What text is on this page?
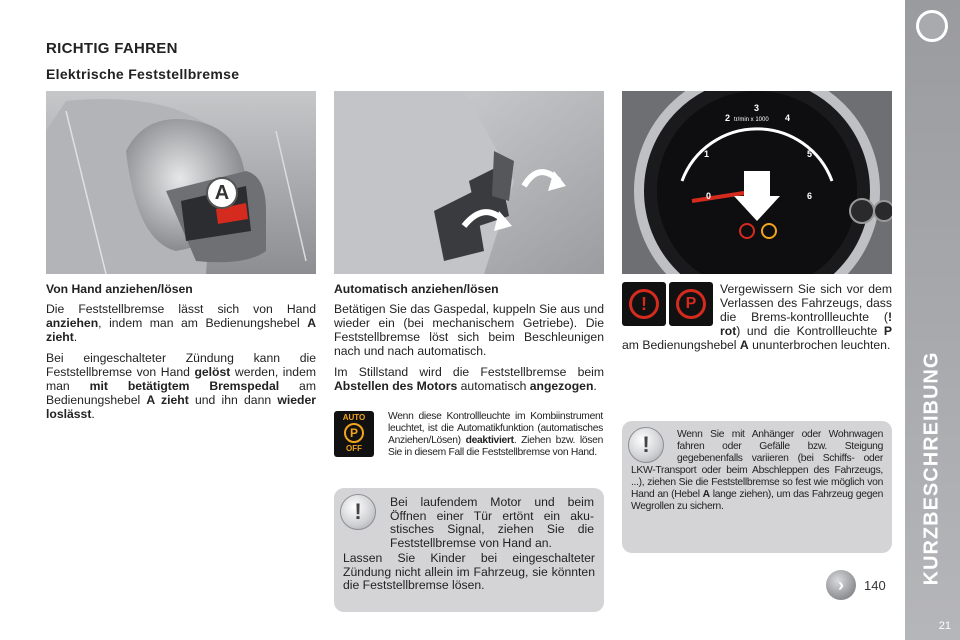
KURZBESCHREIBUNG
21
RICHTIG FAHREN
Elektrische Feststellbremse
A
tr/min x 1000
0
1
2
3
4
5
6
Von Hand anziehen/lösen

Die Feststellbremse lässt sich von Hand anziehen, indem man am Bedienungshebel A zieht.

Bei eingeschalteter Zündung kann die Feststellbremse von Hand gelöst werden, indem man mit betätigtem Bremspedal am Bedienungshebel A zieht und ihn dann wieder loslässt.

Automatisch anziehen/lösen

Betätigen Sie das Gaspedal, kuppeln Sie aus und wieder ein (bei mechanischem Getriebe). Die Feststellbremse löst sich beim Beschleunigen nach und nach automatisch.

Im Stillstand wird die Feststellbremse beim Abstellen des Motors automatisch angezogen.

AUTO
P
OFF
Wenn diese Kontrollleuchte im Kombiinstrument leuchtet, ist die Automatikfunktion (automatisches Anziehen/Lösen) deaktiviert. Ziehen bzw. lösen Sie in diesem Fall die Feststellbremse von Hand.
! Bei laufendem Motor und beim Öffnen einer Tür ertönt ein akustisches Signal, ziehen Sie die Feststellbremse von Hand an.
Lassen Sie Kinder bei eingeschalteter Zündung nicht allein im Fahrzeug, sie könnten die Feststellbremse lösen.
!	P
Vergewissern Sie sich vor dem Verlassen des Fahrzeugs, dass die Brems-kontrollleuchte (! rot) und die Kontrollleuchte P am Bedienungshebel A ununterbrochen leuchten.
!	Wenn Sie mit Anhänger oder Wohnwagen fahren oder Gefälle bzw. Steigung gegebenenfalls variieren (bei Schiffs- oder LKW-Transport oder beim Abschleppen des Fahrzeugs, ...), ziehen Sie die Feststellbremse so fest wie möglich von Hand an (Hebel A lange ziehen), um das Fahrzeug gegen Wegrollen zu sichern.
›	140
